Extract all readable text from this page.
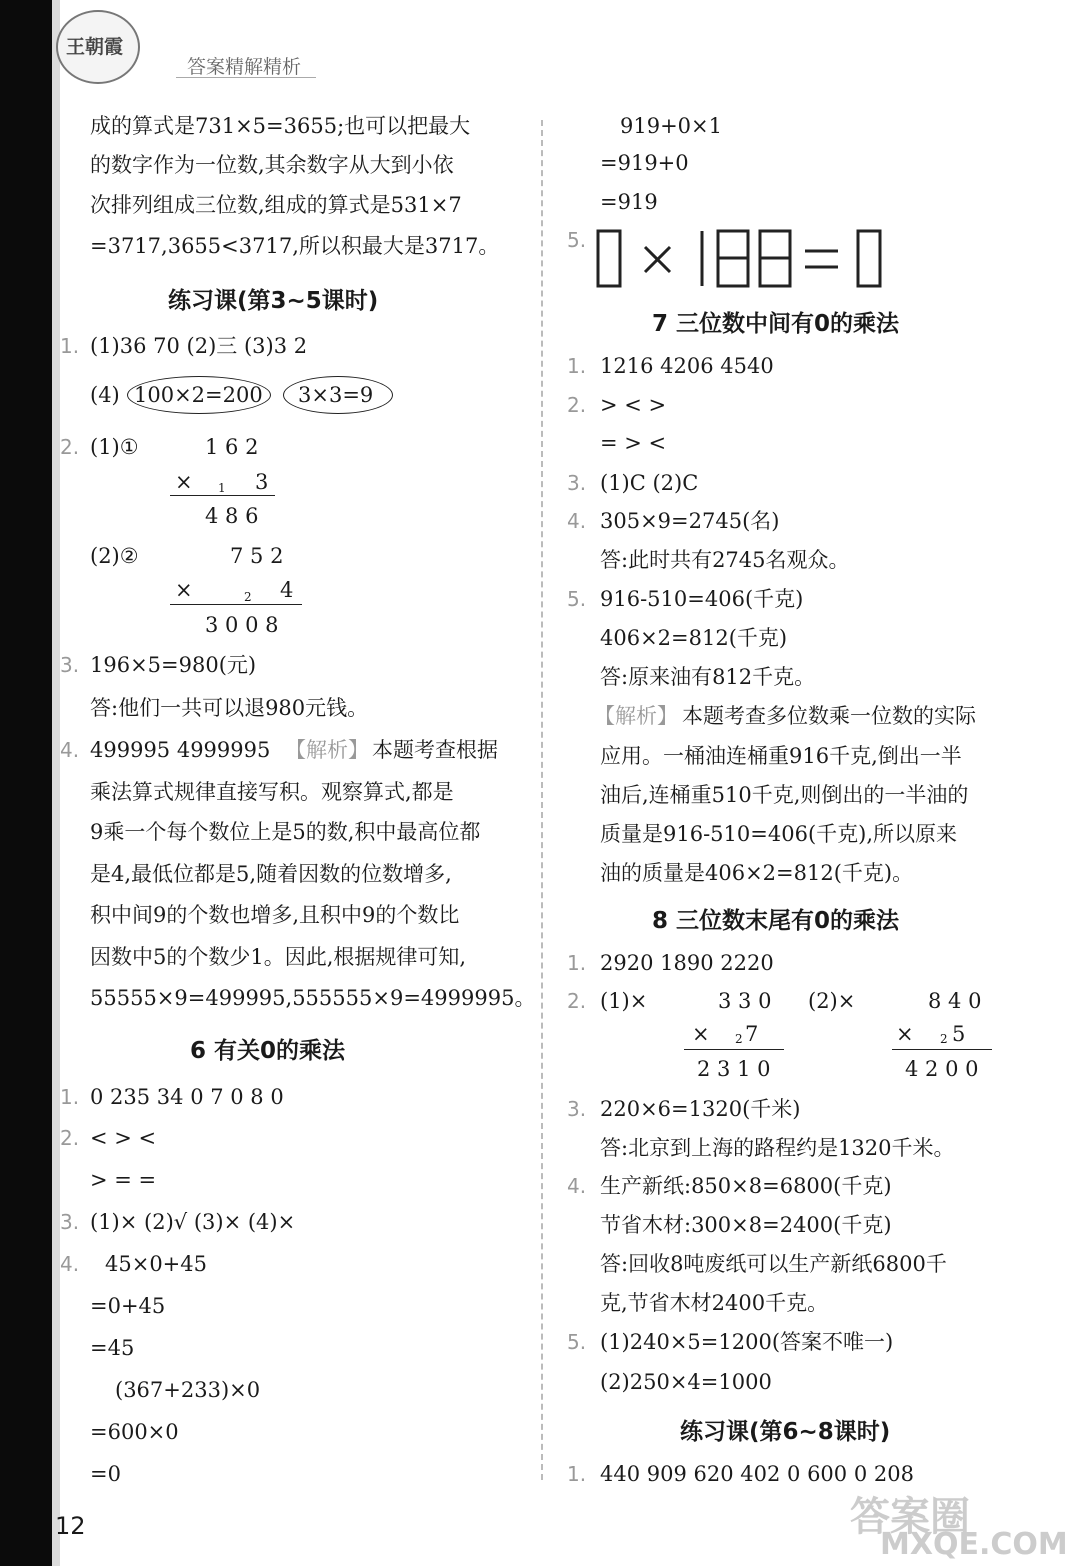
王朝霞
答案精解精析
成的算式是731×5=3655;也可以把最大
的数字作为一位数,其余数字从大到小依
次排列组成三位数,组成的算式是531×7
=3717,3655<3717,所以积最大是3717。
练习课(第3~5课时)
1. (1)36 70 (2)三 (3)3 2
(4) 100×2=200 3×3=9
2. (1)①	1 6 2
× 1 3
4 8 6
(2)②	7 5 2
×	2 4
3 0 0 8
3. 196×5=980(元)
答:他们一共可以退980元钱。
4. 499995 4999995 【解析】 本题考查根据
乘法算式规律直接写积。观察算式,都是
9乘一个每个数位上是5的数,积中最高位都
是4,最低位都是5,随着因数的位数增多,
积中间9的个数也增多,且积中9的个数比
因数中5的个数少1。因此,根据规律可知,
55555×9=499995,555555×9=4999995。
6 有关0的乘法
1. 0 235 34 0 7 0 8 0
2. < > <
> = =
3. (1)× (2)√ (3)× (4)×
4. 45×0+45
=0+45
=45
(367+233)×0
=600×0
=0
919+0×1
=919+0
=919
5.
7 三位数中间有0的乘法
1. 1216 4206 4540
2. > < >
= > <
3. (1)C (2)C
4. 305×9=2745(名)
答:此时共有2745名观众。
5. 916-510=406(千克)
406×2=812(千克)
答:原来油有812千克。
【解析】 本题考查多位数乘一位数的实际
应用。一桶油连桶重916千克,倒出一半
油后,连桶重510千克,则倒出的一半油的
质量是916-510=406(千克),所以原来
油的质量是406×2=812(千克)。
8 三位数末尾有0的乘法
1. 2920 1890 2220
2. (1)×	3 3 0
× 2 7
2 3 1 0
(2)×	8 4 0
× 2 5
4 2 0 0
3. 220×6=1320(千米)
答:北京到上海的路程约是1320千米。
4. 生产新纸:850×8=6800(千克)
节省木材:300×8=2400(千克)
答:回收8吨废纸可以生产新纸6800千
克,节省木材2400千克。
5. (1)240×5=1200(答案不唯一)
(2)250×4=1000
练习课(第6~8课时)
1. 440 909 620 402 0 600 0 208
12	答案圈
MXQE.COM
